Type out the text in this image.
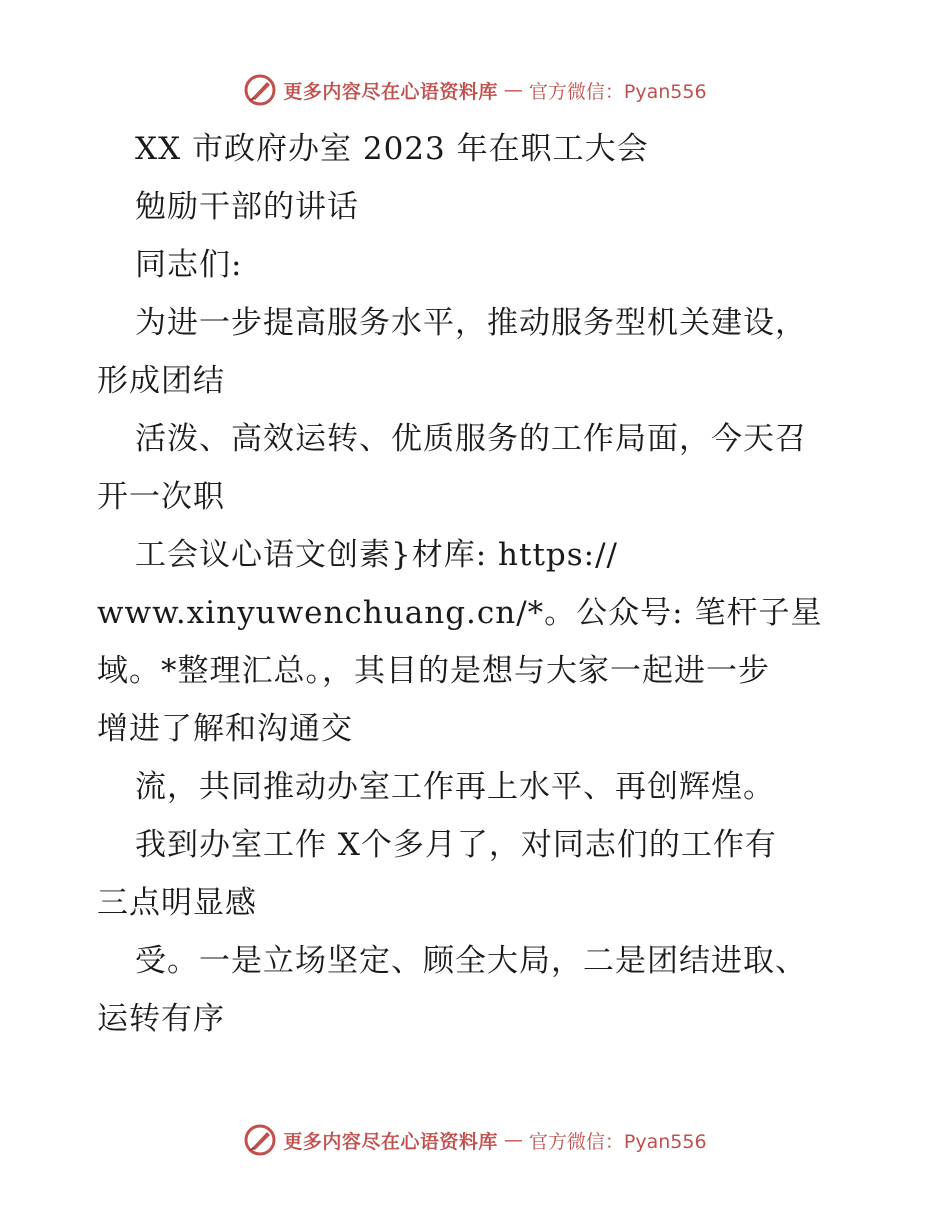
更多内容尽在心语资料库 — 官方微信：Pyan556
XX 市政府办室 2023 年在职工大会
勉励干部的讲话
同志们:
为进一步提高服务水平，推动服务型机关建设，
形成团结
活泼、高效运转、优质服务的工作局面，今天召
开一次职
工会议心语文创素}材库: https://
www.xinyuwenchuang.cn/*。公众号: 笔杆子星
域。*整理汇总。，其目的是想与大家一起进一步
增进了解和沟通交
流，共同推动办室工作再上水平、再创辉煌。
我到办室工作 X个多月了，对同志们的工作有
三点明显感
受。一是立场坚定、顾全大局，二是团结进取、
运转有序
更多内容尽在心语资料库 — 官方微信：Pyan556
